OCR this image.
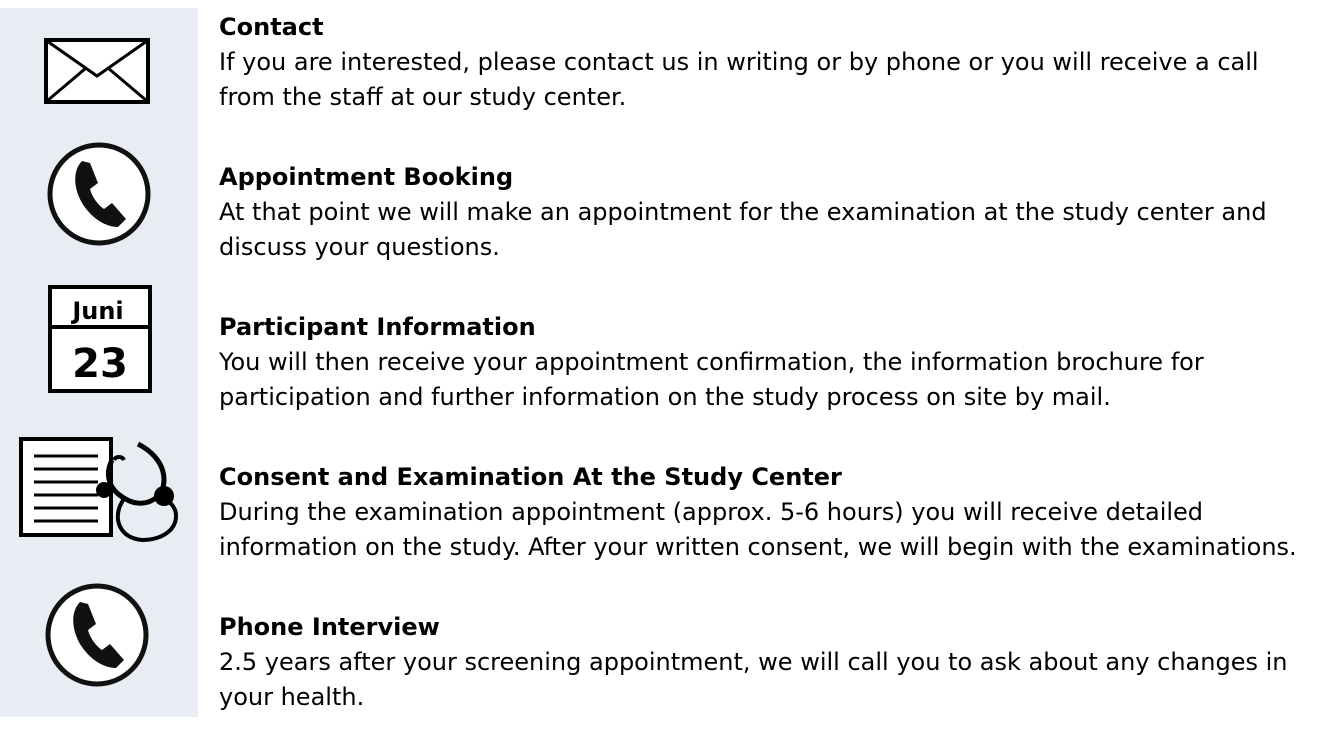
Juni
23
Contact
If you are interested, please contact us in writing or by phone or you will receive a call from the staff at our study center.
Appointment Booking
At that point we will make an appointment for the examination at the study center and discuss your questions.
Participant Information
You will then receive your appointment confirmation, the information brochure for participation and further information on the study process on site by mail.
Consent and Examination At the Study Center
During the examination appointment (approx. 5-6 hours) you will receive detailed information on the study. After your written consent, we will begin with the examinations.
Phone Interview
2.5 years after your screening appointment, we will call you to ask about any changes in your health.
